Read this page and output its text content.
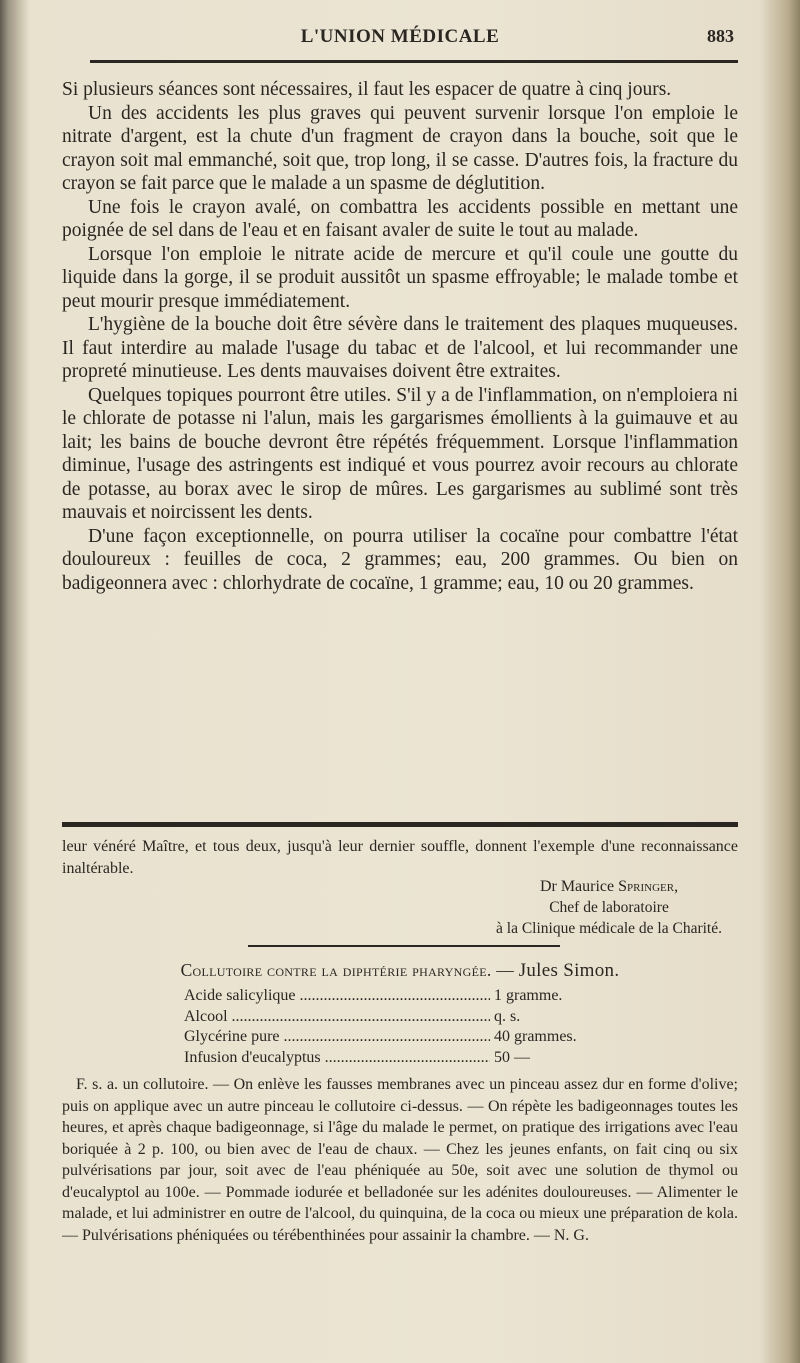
L'UNION MÉDICALE	883

Si plusieurs séances sont nécessaires, il faut les espacer de quatre à cinq jours.

Un des accidents les plus graves qui peuvent survenir lorsque l'on emploie le nitrate d'argent, est la chute d'un fragment de crayon dans la bouche, soit que le crayon soit mal emmanché, soit que, trop long, il se casse. D'autres fois, la fracture du crayon se fait parce que le malade a un spasme de déglutition.

Une fois le crayon avalé, on combattra les accidents possible en mettant une poignée de sel dans de l'eau et en faisant avaler de suite le tout au malade.

Lorsque l'on emploie le nitrate acide de mercure et qu'il coule une goutte du liquide dans la gorge, il se produit aussitôt un spasme effroyable; le malade tombe et peut mourir presque immédiatement.

L'hygiène de la bouche doit être sévère dans le traitement des plaques muqueuses. Il faut interdire au malade l'usage du tabac et de l'alcool, et lui recommander une propreté minutieuse. Les dents mauvaises doivent être extraites.

Quelques topiques pourront être utiles. S'il y a de l'inflammation, on n'emploiera ni le chlorate de potasse ni l'alun, mais les gargarismes émollients à la guimauve et au lait; les bains de bouche devront être répétés fréquemment. Lorsque l'inflammation diminue, l'usage des astringents est indiqué et vous pourrez avoir recours au chlorate de potasse, au borax avec le sirop de mûres. Les gargarismes au sublimé sont très mauvais et noircissent les dents.

D'une façon exceptionnelle, on pourra utiliser la cocaïne pour combattre l'état douloureux : feuilles de coca, 2 grammes; eau, 200 grammes. Ou bien on badigeonnera avec : chlorhydrate de cocaïne, 1 gramme; eau, 10 ou 20 grammes.

leur vénéré Maître, et tous deux, jusqu'à leur dernier souffle, donnent l'exemple d'une reconnaissance inaltérable.
Dr Maurice Springer,
Chef de laboratoire
à la Clinique médicale de la Charité.
Collutoire contre la diphtérie pharyngée. — Jules Simon.
Acide salicylique .....	1 gramme.
Alcool .....	q. s.
Glycérine pure .....	40 grammes.
Infusion d'eucalyptus .....	50 —

F. s. a. un collutoire. — On enlève les fausses membranes avec un pinceau assez dur en forme d'olive; puis on applique avec un autre pinceau le collutoire ci-dessus. — On répète les badigeonnages toutes les heures, et après chaque badigeonnage, si l'âge du malade le permet, on pratique des irrigations avec l'eau boriquée à 2 p. 100, ou bien avec de l'eau de chaux. — Chez les jeunes enfants, on fait cinq ou six pulvérisations par jour, soit avec de l'eau phéniquée au 50e, soit avec une solution de thymol ou d'eucalyptol au 100e. — Pommade iodurée et belladonée sur les adénites douloureuses. — Alimenter le malade, et lui administrer en outre de l'alcool, du quinquina, de la coca ou mieux une préparation de kola. — Pulvérisations phéniquées ou térébenthinées pour assainir la chambre. — N. G.
